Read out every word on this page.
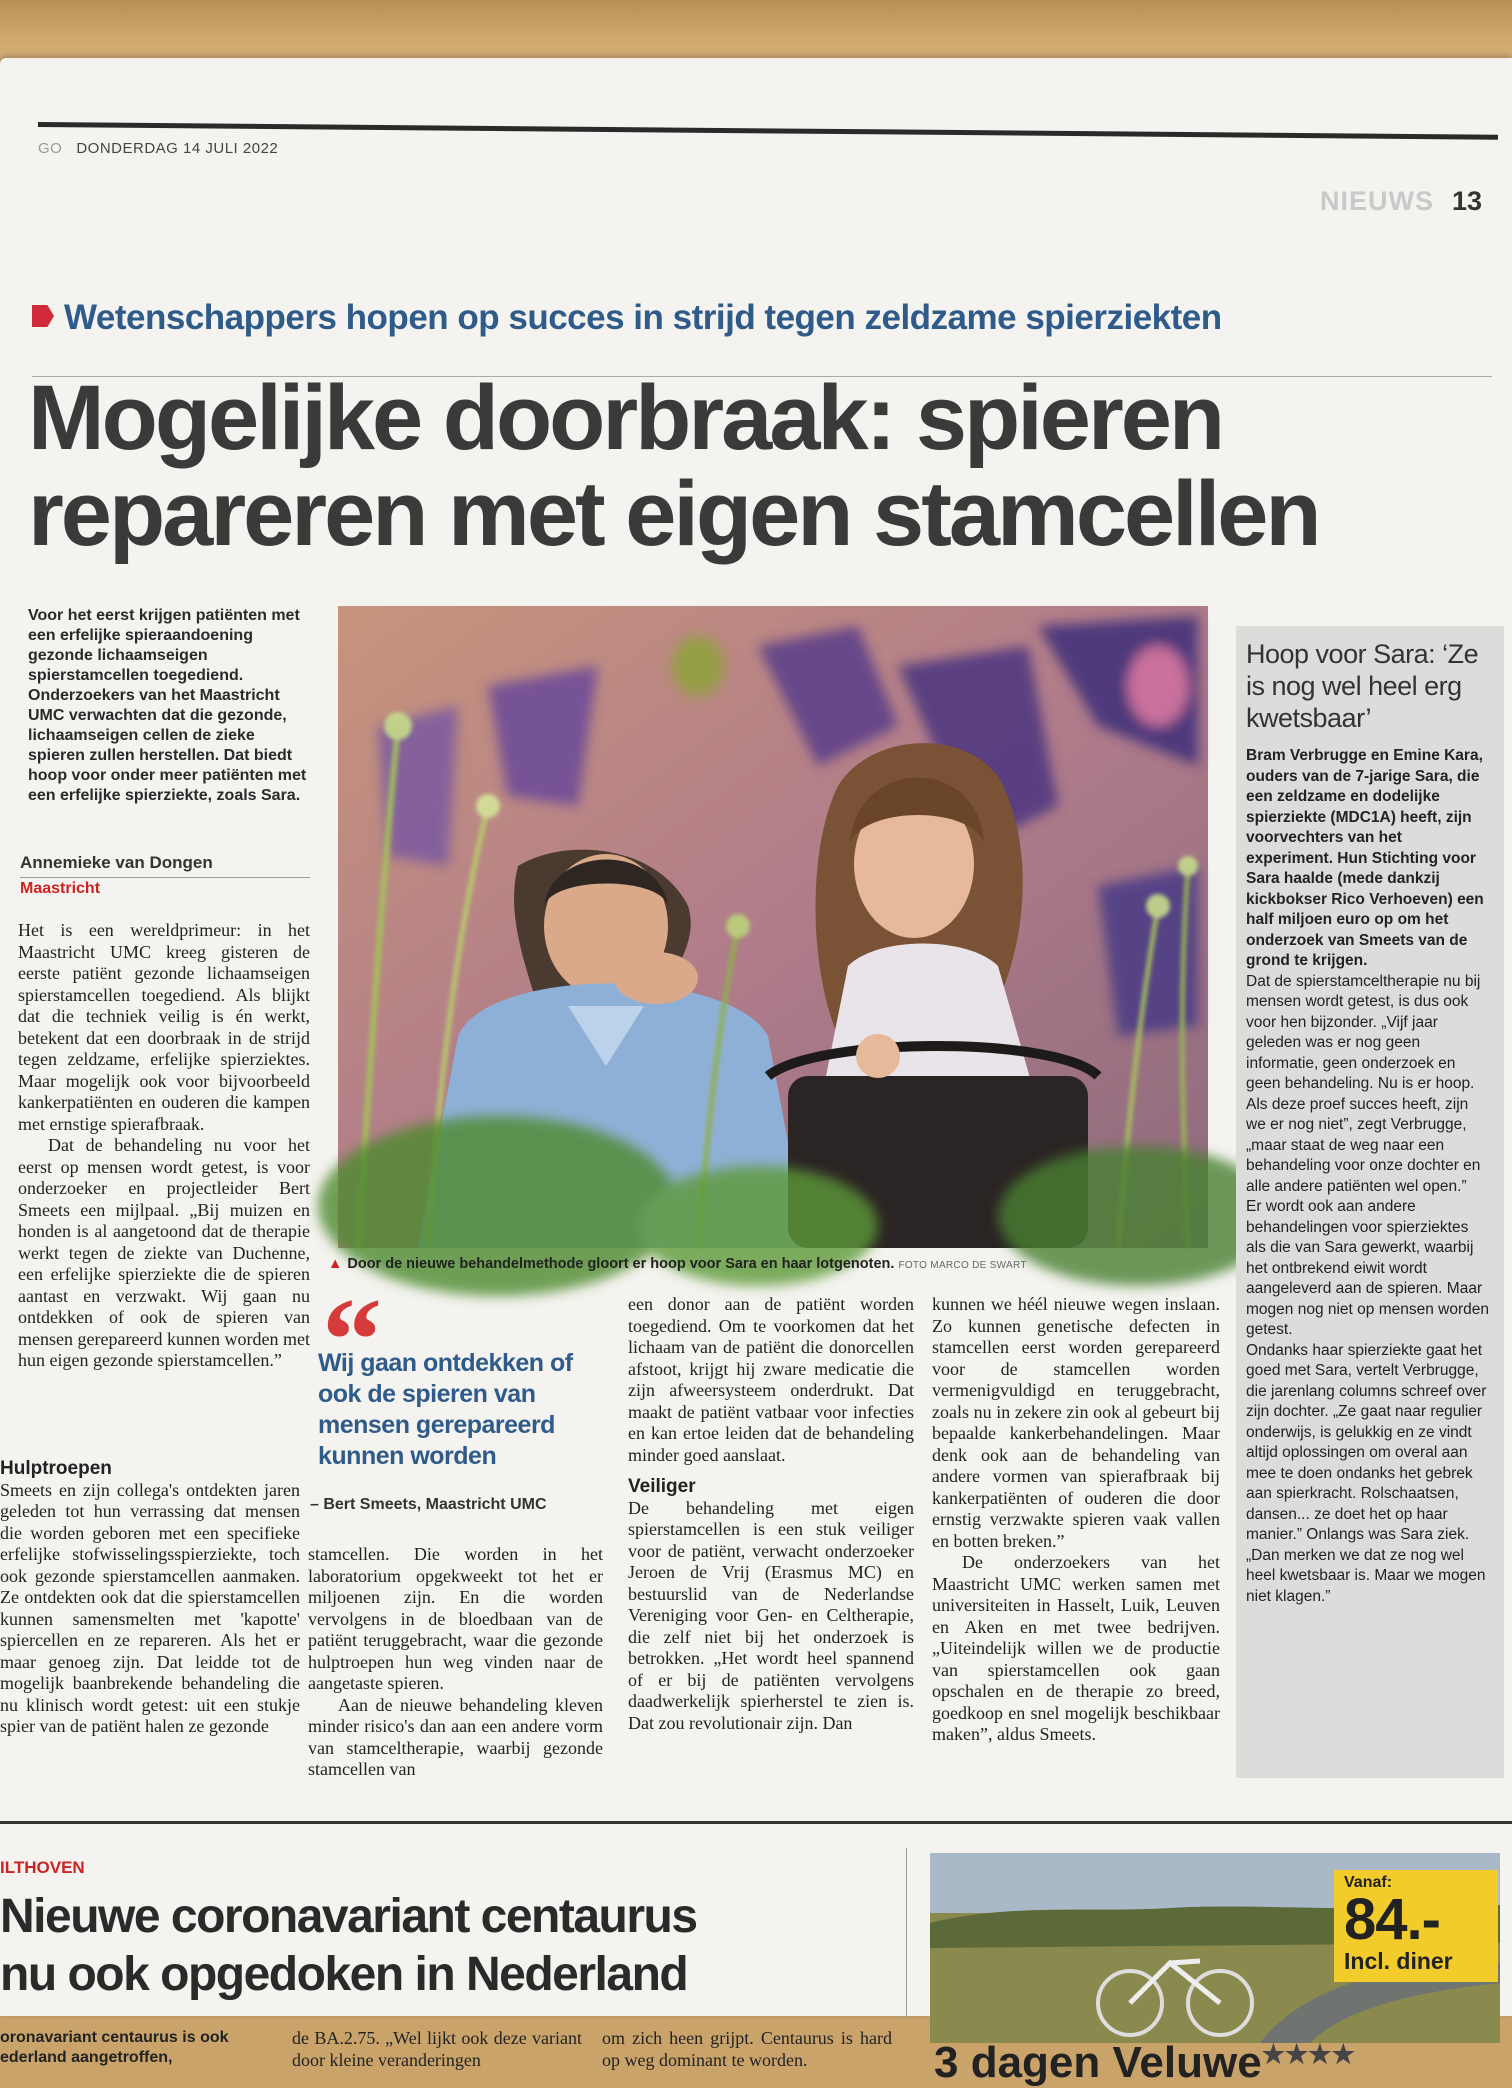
GO DONDERDAG 14 JULI 2022
NIEUWS 13
Wetenschappers hopen op succes in strijd tegen zeldzame spierziekten
Mogelijke doorbraak: spieren
repareren met eigen stamcellen
Voor het eerst krijgen patiënten met een erfelijke spieraandoening gezonde lichaamseigen spierstamcellen toegediend. Onderzoekers van het Maastricht UMC verwachten dat die gezonde, lichaamseigen cellen de zieke spieren zullen herstellen. Dat biedt hoop voor onder meer patiënten met een erfelijke spierziekte, zoals Sara.
Annemieke van Dongen
Maastricht

Het is een wereldprimeur: in het Maastricht UMC kreeg gisteren de eerste patiënt gezonde lichaamseigen spierstamcellen toegediend. Als blijkt dat die techniek veilig is én werkt, betekent dat een doorbraak in de strijd tegen zeldzame, erfelijke spierziektes. Maar mogelijk ook voor bijvoorbeeld kankerpatiënten en ouderen die kampen met ernstige spierafbraak.

Dat de behandeling nu voor het eerst op mensen wordt getest, is voor onderzoeker en projectleider Bert Smeets een mijlpaal. „Bij muizen en honden is al aangetoond dat de therapie werkt tegen de ziekte van Duchenne, een erfelijke spierziekte die de spieren aantast en verzwakt. Wij gaan nu ontdekken of ook de spieren van mensen gerepareerd kunnen worden met hun eigen gezonde spierstamcellen.”

Hulptroepen

Smeets en zijn collega's ontdekten jaren geleden tot hun verrassing dat mensen die worden geboren met een specifieke erfelijke stofwisselingsspierziekte, toch ook gezonde spierstamcellen aanmaken. Ze ontdekten ook dat die spierstamcellen kunnen samensmelten met 'kapotte' spiercellen en ze repareren. Als het er maar genoeg zijn. Dat leidde tot de mogelijk baanbrekende behandeling die nu klinisch wordt getest: uit een stukje spier van de patiënt halen ze gezonde

▲ Door de nieuwe behandelmethode gloort er hoop voor Sara en haar lotgenoten. FOTO MARCO DE SWART
“
Wij gaan ontdekken of ook de spieren van mensen gerepareerd kunnen worden
– Bert Smeets, Maastricht UMC

stamcellen. Die worden in het laboratorium opgekweekt tot het er miljoenen zijn. En die worden vervolgens in de bloedbaan van de patiënt teruggebracht, waar die gezonde hulptroepen hun weg vinden naar de aangetaste spieren.

Aan de nieuwe behandeling kleven minder risico's dan aan een andere vorm van stamceltherapie, waarbij gezonde stamcellen van

een donor aan de patiënt worden toegediend. Om te voorkomen dat het lichaam van de patiënt die donorcellen afstoot, krijgt hij zware medicatie die zijn afweersysteem onderdrukt. Dat maakt de patiënt vatbaar voor infecties en kan ertoe leiden dat de behandeling minder goed aanslaat.

Veiliger

De behandeling met eigen spierstamcellen is een stuk veiliger voor de patiënt, verwacht onderzoeker Jeroen de Vrij (Erasmus MC) en bestuurslid van de Nederlandse Vereniging voor Gen- en Celtherapie, die zelf niet bij het onderzoek is betrokken. „Het wordt heel spannend of er bij de patiënten vervolgens daadwerkelijk spierherstel te zien is. Dat zou revolutionair zijn. Dan

kunnen we héél nieuwe wegen inslaan. Zo kunnen genetische defecten in stamcellen eerst worden gerepareerd voor de stamcellen worden vermenigvuldigd en teruggebracht, zoals nu in zekere zin ook al gebeurt bij bepaalde kankerbehandelingen. Maar denk ook aan de behandeling van andere vormen van spierafbraak bij kankerpatiënten of ouderen die door ernstig verzwakte spieren vaak vallen en botten breken.”

De onderzoekers van het Maastricht UMC werken samen met universiteiten in Hasselt, Luik, Leuven en Aken en met twee bedrijven. „Uiteindelijk willen we de productie van spierstamcellen ook gaan opschalen en de therapie zo breed, goedkoop en snel mogelijk beschikbaar maken”, aldus Smeets.

Hoop voor Sara: ‘Ze is nog wel heel erg kwetsbaar’
Bram Verbrugge en Emine Kara, ouders van de 7-jarige Sara, die een zeldzame en dodelijke spierziekte (MDC1A) heeft, zijn voorvechters van het experiment. Hun Stichting voor Sara haalde (mede dankzij kickbokser Rico Verhoeven) een half miljoen euro op om het onderzoek van Smeets van de grond te krijgen.
Dat de spierstamceltherapie nu bij mensen wordt getest, is dus ook voor hen bijzonder. „Vijf jaar geleden was er nog geen informatie, geen onderzoek en geen behandeling. Nu is er hoop. Als deze proef succes heeft, zijn we er nog niet”, zegt Verbrugge, „maar staat de weg naar een behandeling voor onze dochter en alle andere patiënten wel open.”
Er wordt ook aan andere behandelingen voor spierziektes als die van Sara gewerkt, waarbij het ontbrekend eiwit wordt aangeleverd aan de spieren. Maar mogen nog niet op mensen worden getest.
Ondanks haar spierziekte gaat het goed met Sara, vertelt Verbrugge, die jarenlang columns schreef over zijn dochter. „Ze gaat naar regulier onderwijs, is gelukkig en ze vindt altijd oplossingen om overal aan mee te doen ondanks het gebrek aan spierkracht. Rolschaatsen, dansen... ze doet het op haar manier.” Onlangs was Sara ziek. „Dan merken we dat ze nog wel heel kwetsbaar is. Maar we mogen niet klagen.”
ILTHOVEN
Nieuwe coronavariant centaurus
nu ook opgedoken in Nederland
oronavariant centaurus is ook ederland aangetroffen,
de BA.2.75. „Wel lijkt ook deze variant door kleine veranderingen
om zich heen grijpt. Centaurus is hard op weg dominant te worden.
Vanaf:
84.-
Incl. diner
3 dagen Veluwe★★★★
